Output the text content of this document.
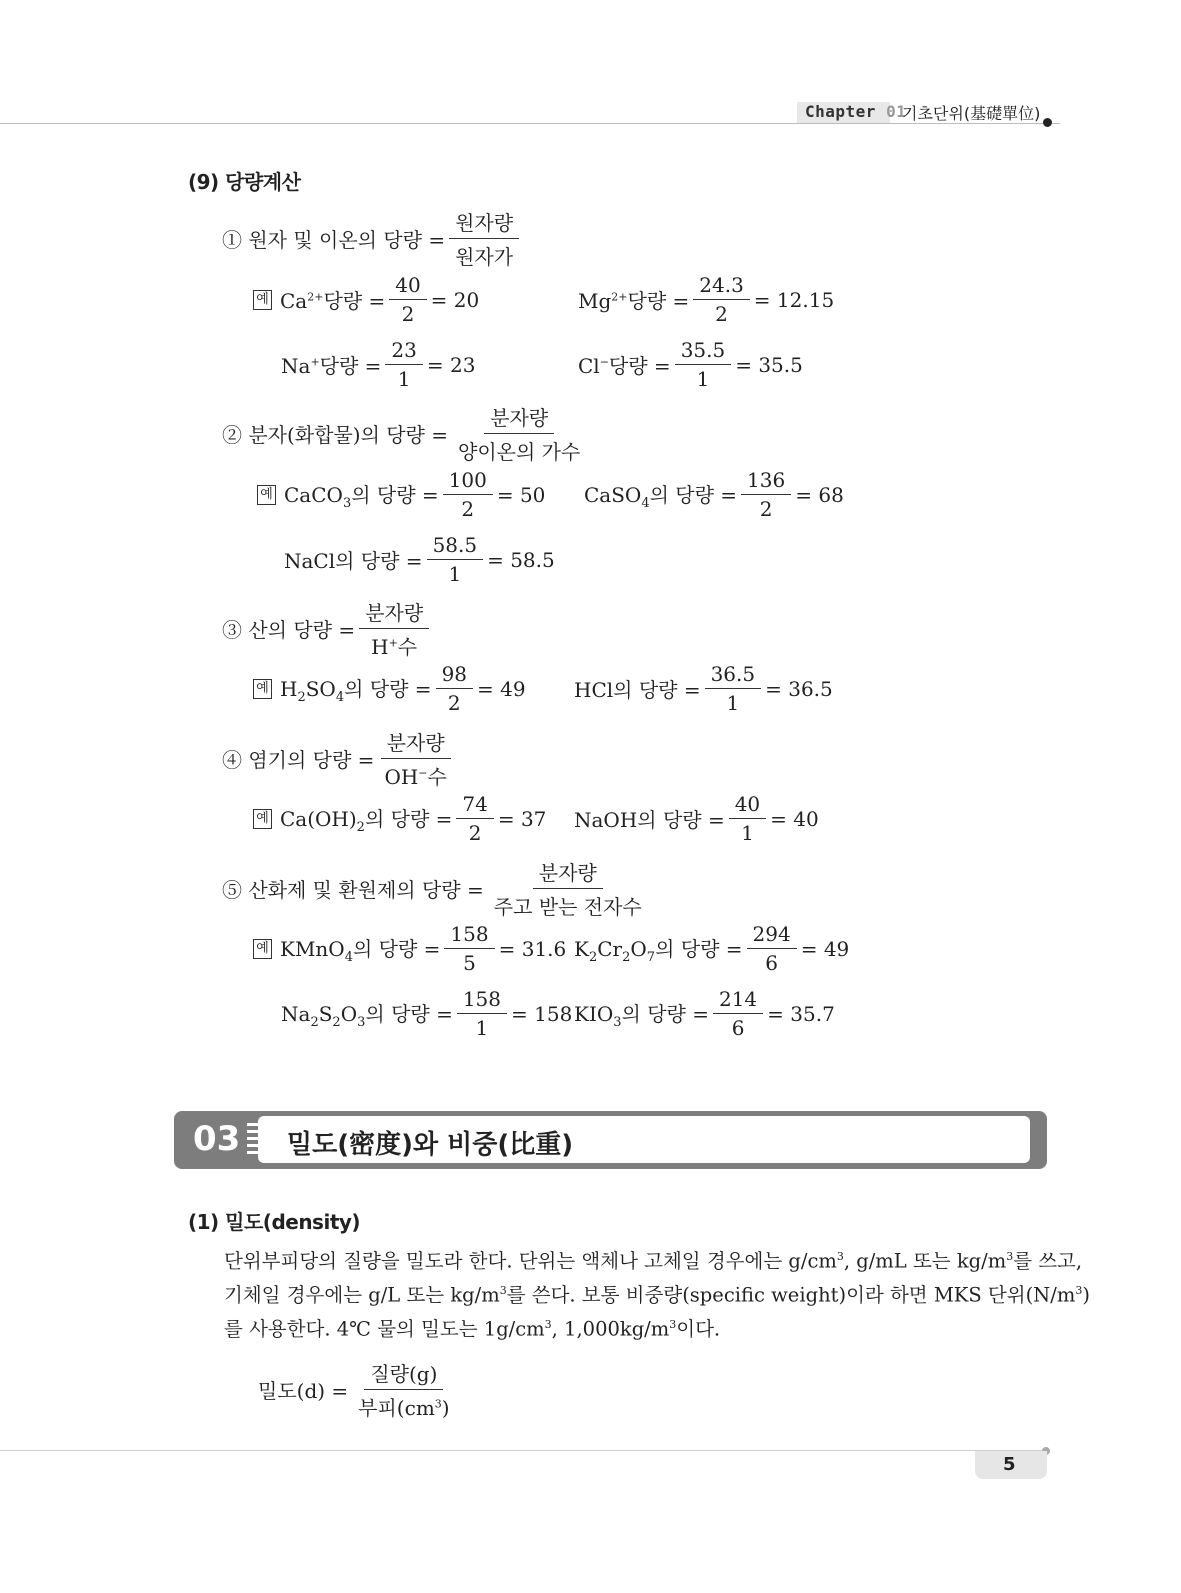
Chapter 01
기초단위(基礎單位)
(9) 당량계산
① 원자 및 이온의 당량 = $\frac{\text{원자량}}{\text{원자가}}$
예 $Ca^{2+}$당량 = $\frac{40}{2} = 20$	$Mg^{2+}$당량 = $\frac{24.3}{2} = 12.15$
Na+당량 = $\frac{23}{1} = 23$	Cl−당량 = $\frac{35.5}{1} = 35.5$
② 분자(화합물)의 당량 = $\frac{\text{분자량}}{\text{양이온의 가수}}$
예 CaCO$_3$의 당량 = $\frac{100}{2} = 50$ CaSO$_4$의 당량 = $\frac{136}{2} = 68$
NaCl의 당량 = $\frac{58.5}{1} = 58.5$
③ 산의 당량 = $\frac{\text{분자량}}{H^+수}$
예 $H_2SO_4$의 당량 = $\frac{98}{2} = 49$ HCl의 당량 = $\frac{36.5}{1} = 36.5$
④ 염기의 당량 = $\frac{\text{분자량}}{OH^-수}$
예 $Ca(OH)_2$의 당량 = $\frac{74}{2} = 37$ NaOH의 당량 = $\frac{40}{1} = 40$
⑤ 산화제 및 환원제의 당량 = $\frac{\text{분자량}}{\text{주고 받는 전자수}}$
예 KMnO$_4$의 당량 = $\frac{158}{5} = 31.6$ $K_2Cr_2O_7$의 당량 = $\frac{294}{6} = 49$
$Na_2S_2O_3$의 당량 = $\frac{158}{1} = 158$ $KIO_3$의 당량 = $\frac{214}{6} = 35.7$
03 밀도(密度)와 비중(比重)
(1) 밀도(density)
단위부피당의 질량을 밀도라 한다. 단위는 액체나 고체일 경우에는 $g/cm^3$, g/mL 또는 $kg/m^3$를 쓰고,
기체일 경우에는 g/L 또는 $kg/m^3$를 쓴다. 보통 비중량(specific weight)이라 하면 MKS 단위$(N/m^3)$
를 사용한다. 4℃ 물의 밀도는 $1g/cm^3$, $1,000kg/m^3$이다.
밀도$(d) = \frac{\text{질량(g)}}{부피(cm^3)}$
5
